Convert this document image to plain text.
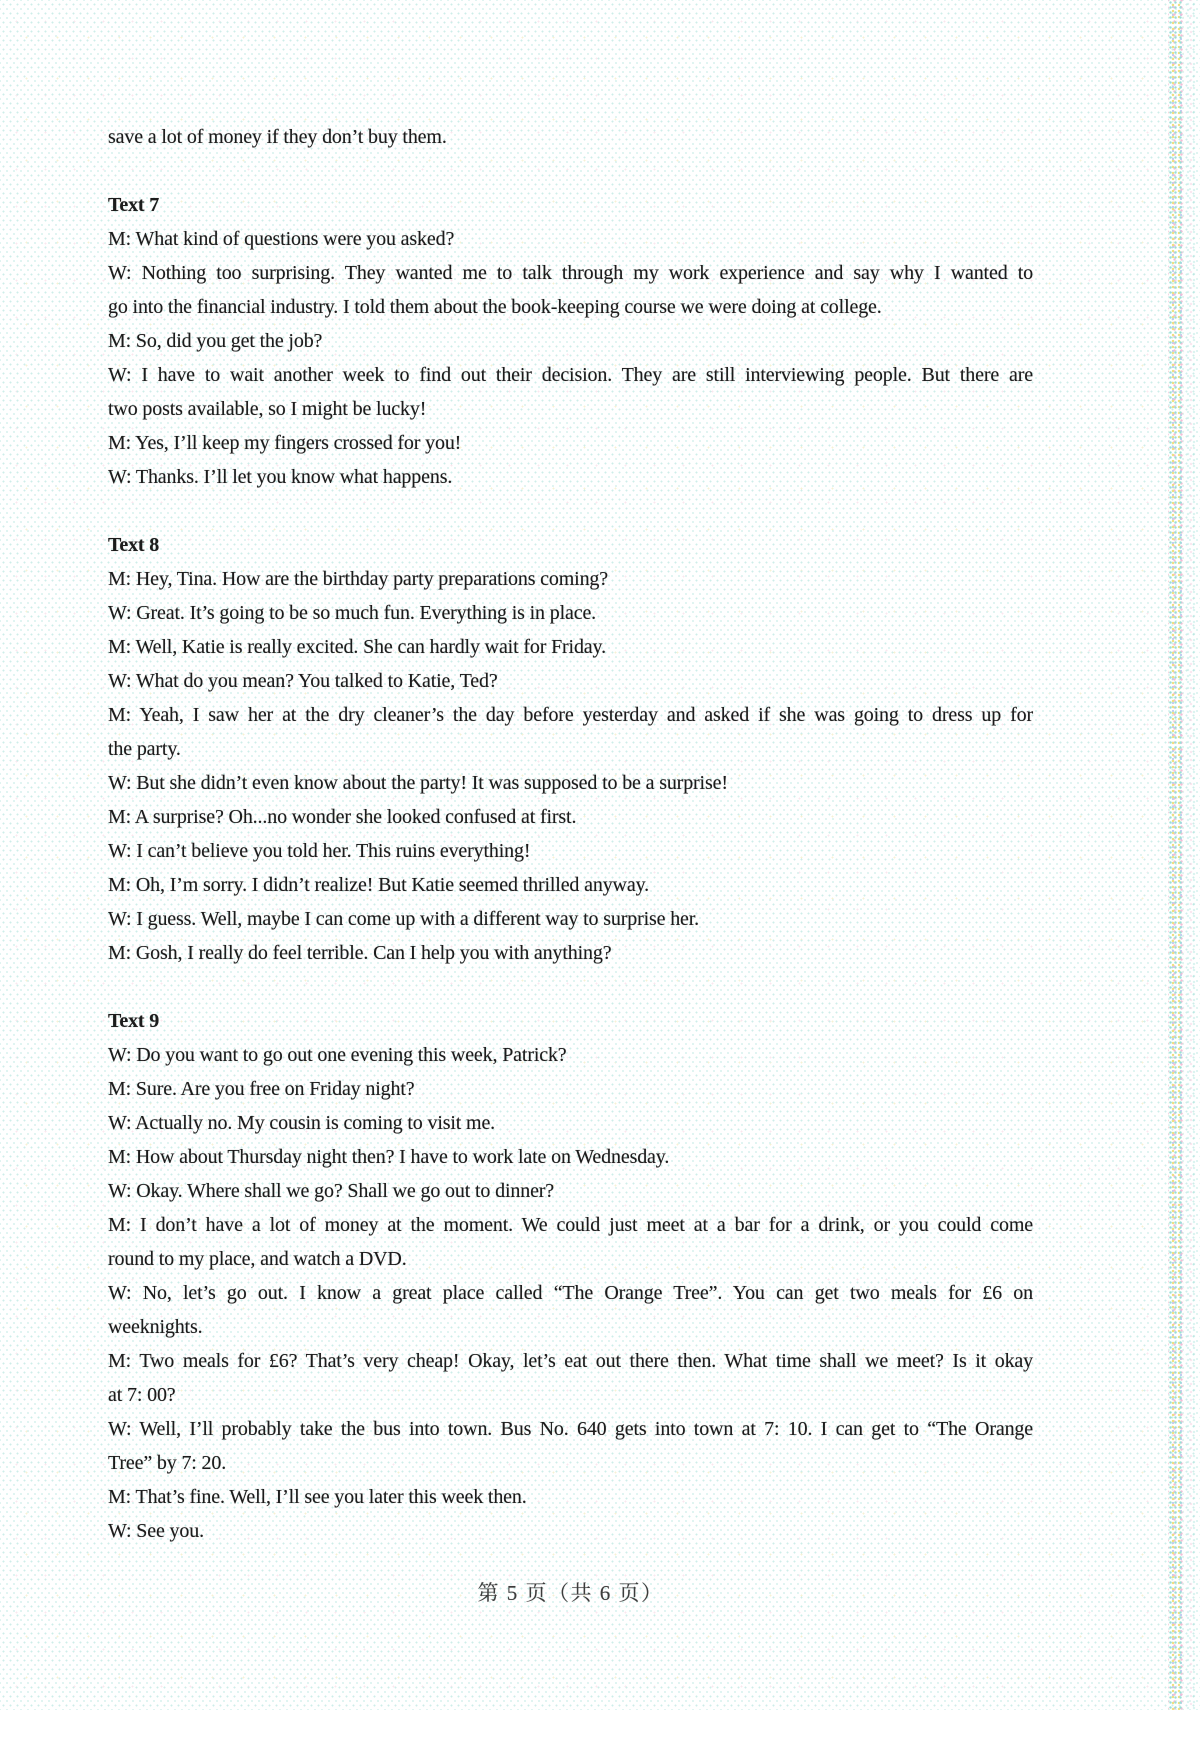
save a lot of money if they don’t buy them.
Text 7
M: What kind of questions were you asked?
W: Nothing too surprising. They wanted me to talk through my work experience and say why I wanted to
go into the financial industry. I told them about the book-keeping course we were doing at college.
M: So, did you get the job?
W: I have to wait another week to find out their decision. They are still interviewing people. But there are
two posts available, so I might be lucky!
M: Yes, I’ll keep my fingers crossed for you!
W: Thanks. I’ll let you know what happens.
Text 8
M: Hey, Tina. How are the birthday party preparations coming?
W: Great. It’s going to be so much fun. Everything is in place.
M: Well, Katie is really excited. She can hardly wait for Friday.
W: What do you mean? You talked to Katie, Ted?
M: Yeah, I saw her at the dry cleaner’s the day before yesterday and asked if she was going to dress up for
the party.
W: But she didn’t even know about the party! It was supposed to be a surprise!
M: A surprise? Oh...no wonder she looked confused at first.
W: I can’t believe you told her. This ruins everything!
M: Oh, I’m sorry. I didn’t realize! But Katie seemed thrilled anyway.
W: I guess. Well, maybe I can come up with a different way to surprise her.
M: Gosh, I really do feel terrible. Can I help you with anything?
Text 9
W: Do you want to go out one evening this week, Patrick?
M: Sure. Are you free on Friday night?
W: Actually no. My cousin is coming to visit me.
M: How about Thursday night then? I have to work late on Wednesday.
W: Okay. Where shall we go? Shall we go out to dinner?
M: I don’t have a lot of money at the moment. We could just meet at a bar for a drink, or you could come
round to my place, and watch a DVD.
W: No, let’s go out. I know a great place called “The Orange Tree”. You can get two meals for £6 on
weeknights.
M: Two meals for £6? That’s very cheap! Okay, let’s eat out there then. What time shall we meet? Is it okay
at 7: 00?
W: Well, I’ll probably take the bus into town. Bus No. 640 gets into town at 7: 10. I can get to “The Orange
Tree” by 7: 20.
M: That’s fine. Well, I’ll see you later this week then.
W: See you.
第 5 页（共 6 页）
